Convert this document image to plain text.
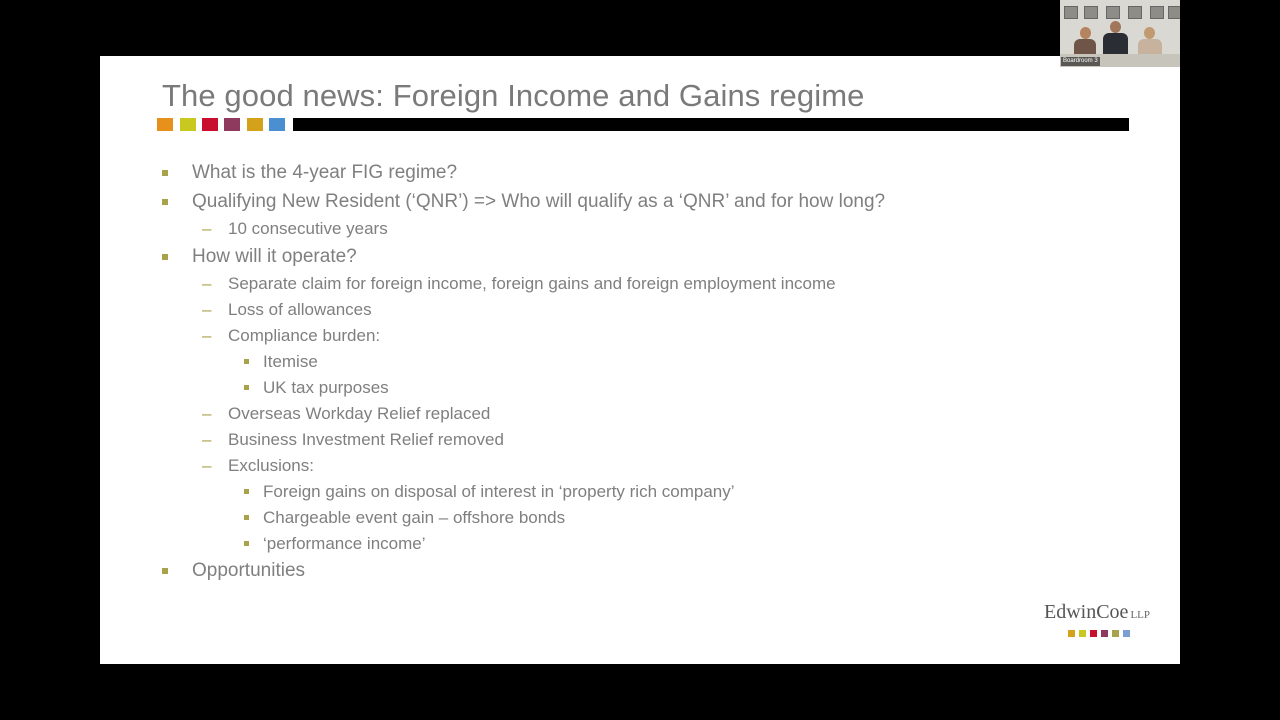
The good news: Foreign Income and Gains regime
What is the 4-year FIG regime?
Qualifying New Resident (‘QNR’) => Who will qualify as a ‘QNR’ and for how long?
– 10 consecutive years
How will it operate?
– Separate claim for foreign income, foreign gains and foreign employment income
– Loss of allowances
– Compliance burden:
Itemise
UK tax purposes
– Overseas Workday Relief replaced
– Business Investment Relief removed
– Exclusions:
Foreign gains on disposal of interest in ‘property rich company’
Chargeable event gain – offshore bonds
‘performance income’
Opportunities
EdwinCoe LLP
Boardroom 3
